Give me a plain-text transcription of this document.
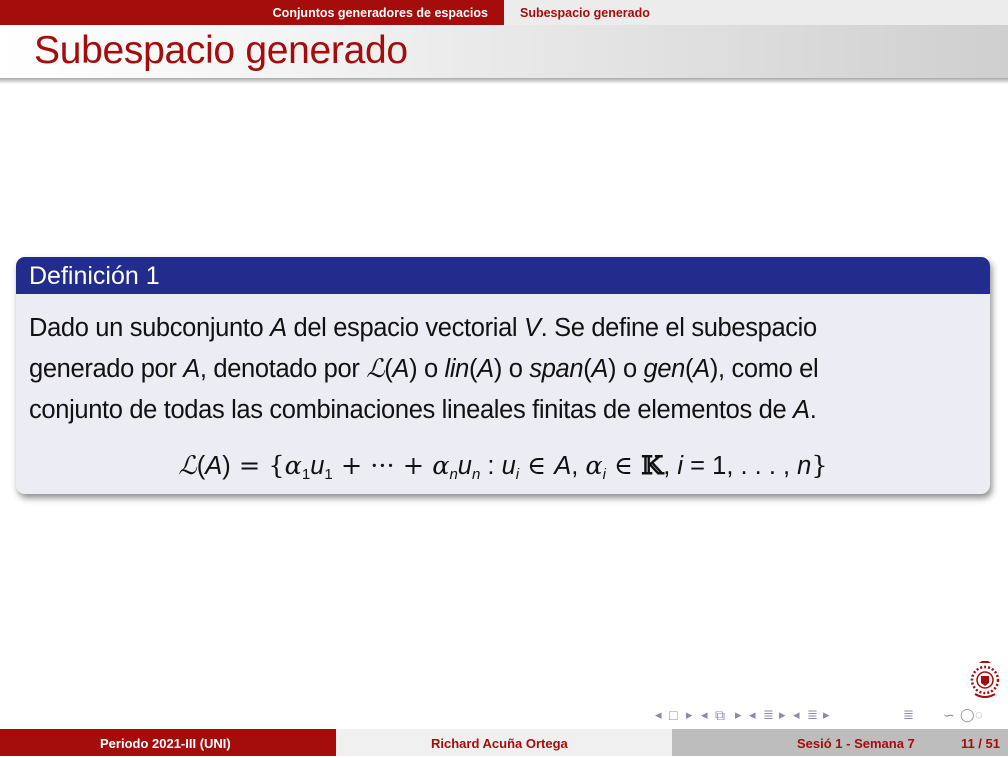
Conjuntos generadores de espacios	Subespacio generado
Subespacio generado
Definición 1
Dado un subconjunto A del espacio vectorial V. Se define el subespacio
generado por A, denotado por ℒ(A) o lin(A) o span(A) o gen(A), como el
conjunto de todas las combinaciones lineales finitas de elementos de A.
ℒ(A) = {α1u1 + ··· + αnun : ui ∈ A, αi ∈ 𝕂, i = 1, . . . , n}
◂ □ ▸ ◂ ⧉ ▸ ◂ ≣ ▸ ◂ ≣ ▸	≣ ∽ ◯ ◌
Periodo 2021-III (UNI)	Richard Acuña Ortega	Sesió 1 - Semana 7	11 / 51
